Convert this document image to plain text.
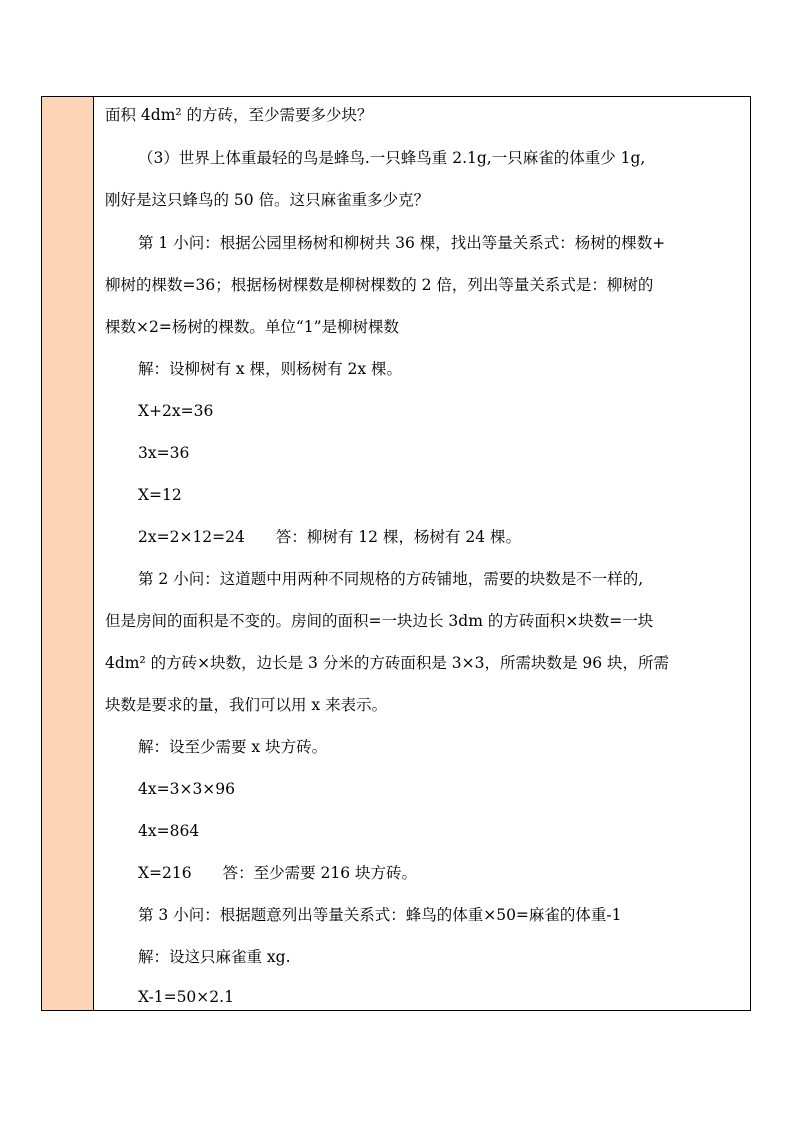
面积 4dm² 的方砖，至少需要多少块？
（3）世界上体重最轻的鸟是蜂鸟.一只蜂鸟重 2.1g,一只麻雀的体重少 1g,
刚好是这只蜂鸟的 50 倍。这只麻雀重多少克？
第 1 小问：根据公园里杨树和柳树共 36 棵，找出等量关系式：杨树的棵数+
柳树的棵数=36；根据杨树棵数是柳树棵数的 2 倍，列出等量关系式是：柳树的
棵数×2=杨树的棵数。单位“1”是柳树棵数
解：设柳树有 x 棵，则杨树有 2x 棵。
X+2x=36
3x=36
X=12
2x=2×12=24　　答：柳树有 12 棵，杨树有 24 棵。
第 2 小问：这道题中用两种不同规格的方砖铺地，需要的块数是不一样的,
但是房间的面积是不变的。房间的面积=一块边长 3dm 的方砖面积×块数=一块
4dm² 的方砖×块数，边长是 3 分米的方砖面积是 3×3，所需块数是 96 块，所需
块数是要求的量，我们可以用 x 来表示。
解：设至少需要 x 块方砖。
4x=3×3×96
4x=864
X=216　　答：至少需要 216 块方砖。
第 3 小问：根据题意列出等量关系式：蜂鸟的体重×50=麻雀的体重-1
解：设这只麻雀重 xg.
X-1=50×2.1
